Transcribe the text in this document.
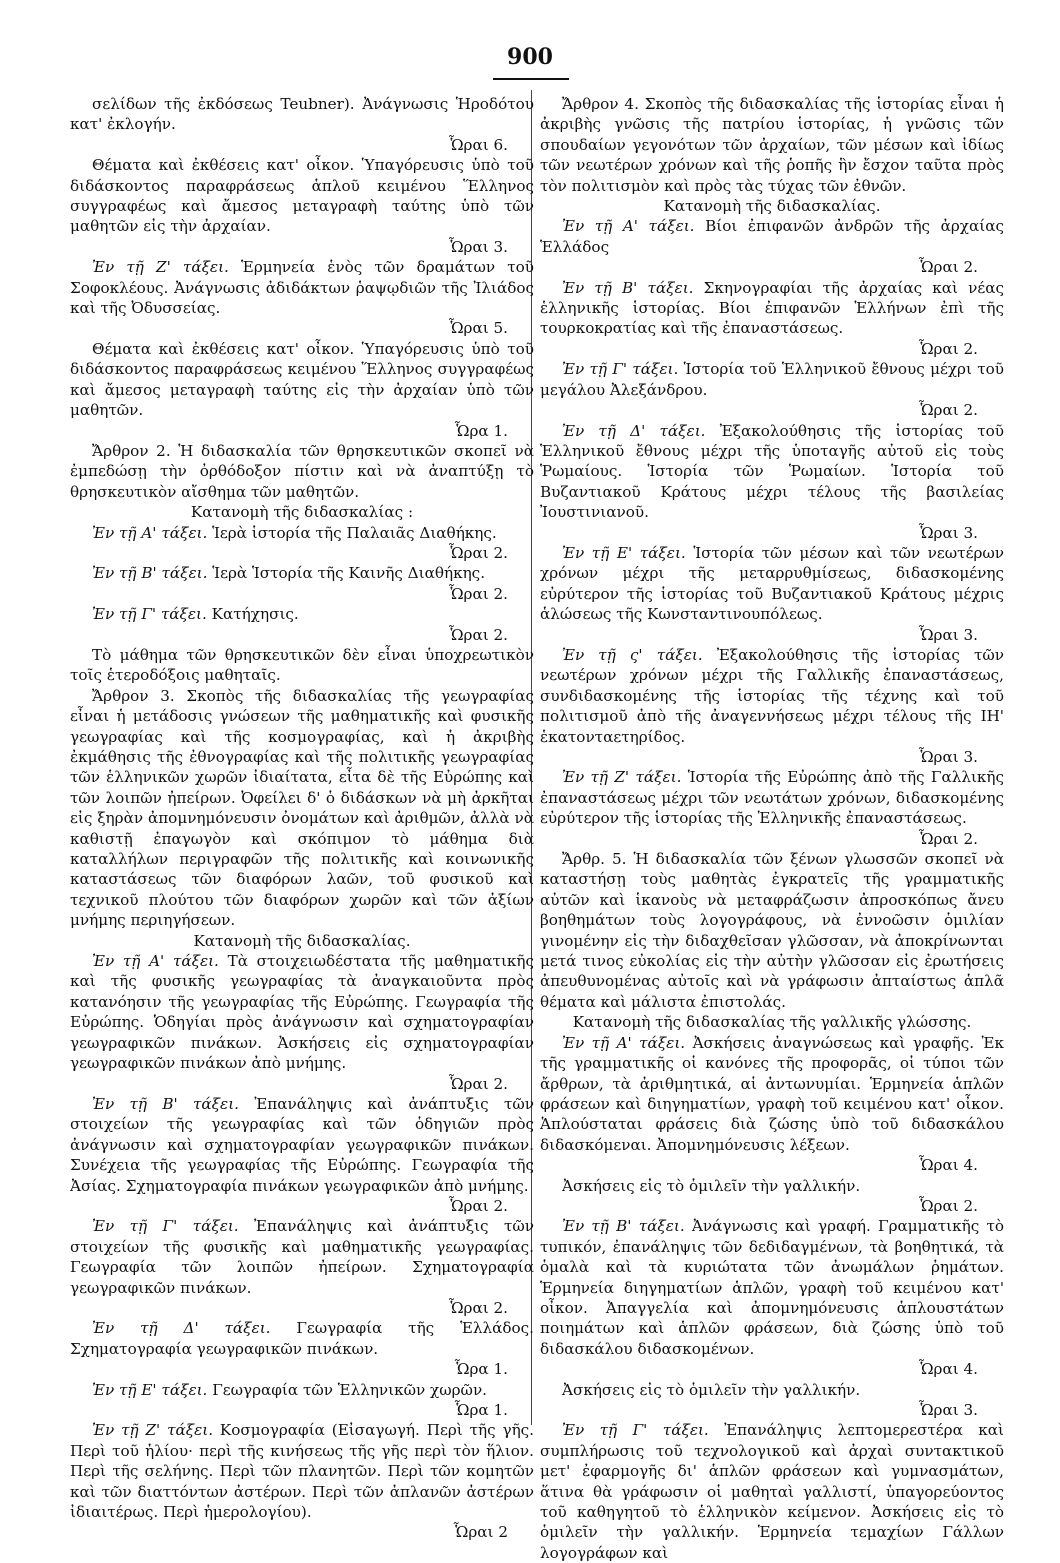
900

σελίδων τῆς ἐκδόσεως Teubner). Ἀνάγνωσις Ἡροδότου κατ' ἐκλογήν.
Ὧραι 6.

Θέματα καὶ ἐκθέσεις κατ' οἶκον. Ὑπαγόρευσις ὑπὸ τοῦ διδάσκοντος παραφράσεως ἁπλοῦ κειμένου Ἕλληνος συγγραφέως καὶ ἄμεσος μεταγραφὴ ταύτης ὑπὸ τῶν μαθητῶν εἰς τὴν ἀρχαίαν.
Ὧραι 3.

Ἐν τῇ Ζ' τάξει. Ἑρμηνεία ἑνὸς τῶν δραμάτων τοῦ Σοφοκλέους. Ἀνάγνωσις ἀδιδάκτων ῥαψῳδιῶν τῆς Ἰλιάδος καὶ τῆς Ὀδυσσείας.
Ὧραι 5.

Θέματα καὶ ἐκθέσεις κατ' οἶκον. Ὑπαγόρευσις ὑπὸ τοῦ διδάσκοντος παραφράσεως κειμένου Ἕλληνος συγγραφέως καὶ ἄμεσος μεταγραφὴ ταύτης εἰς τὴν ἀρχαίαν ὑπὸ τῶν μαθητῶν.
Ὧρα 1.

Ἄρθρον 2. Ἡ διδασκαλία τῶν θρησκευτικῶν σκοπεῖ νὰ ἐμπεδώσῃ τὴν ὀρθόδοξον πίστιν καὶ νὰ ἀναπτύξῃ τὸ θρησκευτικὸν αἴσθημα τῶν μαθητῶν.

Κατανομὴ τῆς διδασκαλίας :

Ἐν τῇ Α' τάξει. Ἱερὰ ἱστορία τῆς Παλαιᾶς Διαθήκης.
Ὧραι 2.

Ἐν τῇ Β' τάξει. Ἱερὰ Ἱστορία τῆς Καινῆς Διαθήκης.
Ὧραι 2.

Ἐν τῇ Γ' τάξει. Κατήχησις.
Ὧραι 2.

Τὸ μάθημα τῶν θρησκευτικῶν δὲν εἶναι ὑποχρεωτικὸν τοῖς ἑτεροδόξοις μαθηταῖς.

Ἄρθρον 3. Σκοπὸς τῆς διδασκαλίας τῆς γεωγραφίας εἶναι ἡ μετάδοσις γνώσεων τῆς μαθηματικῆς καὶ φυσικῆς γεωγραφίας καὶ τῆς κοσμογραφίας, καὶ ἡ ἀκριβὴς ἐκμάθησις τῆς ἐθνογραφίας καὶ τῆς πολιτικῆς γεωγραφίας τῶν ἑλληνικῶν χωρῶν ἰδιαίτατα, εἶτα δὲ τῆς Εὐρώπης καὶ τῶν λοιπῶν ἠπείρων. Ὀφείλει δ' ὁ διδάσκων νὰ μὴ ἀρκῆται εἰς ξηρὰν ἀπομνημόνευσιν ὀνομάτων καὶ ἀριθμῶν, ἀλλὰ νὰ καθιστῇ ἐπαγωγὸν καὶ σκόπιμον τὸ μάθημα διὰ καταλλήλων περιγραφῶν τῆς πολιτικῆς καὶ κοινωνικῆς καταστάσεως τῶν διαφόρων λαῶν, τοῦ φυσικοῦ καὶ τεχνικοῦ πλούτου τῶν διαφόρων χωρῶν καὶ τῶν ἀξίων μνήμης περιηγήσεων.

Κατανομὴ τῆς διδασκαλίας.

Ἐν τῇ Α' τάξει. Τὰ στοιχειωδέστατα τῆς μαθηματικῆς καὶ τῆς φυσικῆς γεωγραφίας τὰ ἀναγκαιοῦντα πρὸς κατανόησιν τῆς γεωγραφίας τῆς Εὐρώπης. Γεωγραφία τῆς Εὐρώπης. Ὁδηγίαι πρὸς ἀνάγνωσιν καὶ σχηματογραφίαν γεωγραφικῶν πινάκων. Ἀσκήσεις εἰς σχηματογραφίαν γεωγραφικῶν πινάκων ἀπὸ μνήμης.
Ὧραι 2.

Ἐν τῇ Β' τάξει. Ἐπανάληψις καὶ ἀνάπτυξις τῶν στοιχείων τῆς γεωγραφίας καὶ τῶν ὁδηγιῶν πρὸς ἀνάγνωσιν καὶ σχηματογραφίαν γεωγραφικῶν πινάκων. Συνέχεια τῆς γεωγραφίας τῆς Εὐρώπης. Γεωγραφία τῆς Ἀσίας. Σχηματογραφία πινάκων γεωγραφικῶν ἀπὸ μνήμης.
Ὧραι 2.

Ἐν τῇ Γ' τάξει. Ἐπανάληψις καὶ ἀνάπτυξις τῶν στοιχείων τῆς φυσικῆς καὶ μαθηματικῆς γεωγραφίας. Γεωγραφία τῶν λοιπῶν ἠπείρων. Σχηματογραφία γεωγραφικῶν πινάκων.
Ὧραι 2.

Ἐν τῇ Δ' τάξει. Γεωγραφία τῆς Ἑλλάδος. Σχηματογραφία γεωγραφικῶν πινάκων.
Ὧρα 1.

Ἐν τῇ Ε' τάξει. Γεωγραφία τῶν Ἑλληνικῶν χωρῶν.
Ὧρα 1.

Ἐν τῇ Ζ' τάξει. Κοσμογραφία (Εἰσαγωγή. Περὶ τῆς γῆς. Περὶ τοῦ ἡλίου· περὶ τῆς κινήσεως τῆς γῆς περὶ τὸν ἥλιον. Περὶ τῆς σελήνης. Περὶ τῶν πλανητῶν. Περὶ τῶν κομητῶν καὶ τῶν διαττόντων ἀστέρων. Περὶ τῶν ἀπλανῶν ἀστέρων ἰδιαιτέρως. Περὶ ἡμερολογίου).
Ὧραι 2

Ἄρθρον 4. Σκοπὸς τῆς διδασκαλίας τῆς ἱστορίας εἶναι ἡ ἀκριβὴς γνῶσις τῆς πατρίου ἱστορίας, ἡ γνῶσις τῶν σπουδαίων γεγονότων τῶν ἀρχαίων, τῶν μέσων καὶ ἰδίως τῶν νεωτέρων χρόνων καὶ τῆς ῥοπῆς ἣν ἔσχον ταῦτα πρὸς τὸν πολιτισμὸν καὶ πρὸς τὰς τύχας τῶν ἐθνῶν.

Κατανομὴ τῆς διδασκαλίας.

Ἐν τῇ Α' τάξει. Βίοι ἐπιφανῶν ἀνδρῶν τῆς ἀρχαίας Ἑλλάδος
Ὧραι 2.

Ἐν τῇ Β' τάξει. Σκηνογραφίαι τῆς ἀρχαίας καὶ νέας ἑλληνικῆς ἱστορίας. Βίοι ἐπιφανῶν Ἑλλήνων ἐπὶ τῆς τουρκοκρατίας καὶ τῆς ἐπαναστάσεως.
Ὧραι 2.

Ἐν τῇ Γ' τάξει. Ἱστορία τοῦ Ἑλληνικοῦ ἔθνους μέχρι τοῦ μεγάλου Ἀλεξάνδρου.
Ὧραι 2.

Ἐν τῇ Δ' τάξει. Ἐξακολούθησις τῆς ἱστορίας τοῦ Ἑλληνικοῦ ἔθνους μέχρι τῆς ὑποταγῆς αὐτοῦ εἰς τοὺς Ῥωμαίους. Ἱστορία τῶν Ῥωμαίων. Ἱστορία τοῦ Βυζαντιακοῦ Κράτους μέχρι τέλους τῆς βασιλείας Ἰουστινιανοῦ.
Ὧραι 3.

Ἐν τῇ Ε' τάξει. Ἱστορία τῶν μέσων καὶ τῶν νεωτέρων χρόνων μέχρι τῆς μεταρρυθμίσεως, διδασκομένης εὐρύτερον τῆς ἱστορίας τοῦ Βυζαντιακοῦ Κράτους μέχρις ἁλώσεως τῆς Κωνσταντινουπόλεως.
Ὧραι 3.

Ἐν τῇ ς' τάξει. Ἐξακολούθησις τῆς ἱστορίας τῶν νεωτέρων χρόνων μέχρι τῆς Γαλλικῆς ἐπαναστάσεως, συνδιδασκομένης τῆς ἱστορίας τῆς τέχνης καὶ τοῦ πολιτισμοῦ ἀπὸ τῆς ἀναγεννήσεως μέχρι τέλους τῆς ΙΗ' ἑκατονταετηρίδος.
Ὧραι 3.

Ἐν τῇ Ζ' τάξει. Ἱστορία τῆς Εὐρώπης ἀπὸ τῆς Γαλλικῆς ἐπαναστάσεως μέχρι τῶν νεωτάτων χρόνων, διδασκομένης εὐρύτερον τῆς ἱστορίας τῆς Ἑλληνικῆς ἐπαναστάσεως.
Ὧραι 2.

Ἄρθρ. 5. Ἡ διδασκαλία τῶν ξένων γλωσσῶν σκοπεῖ νὰ καταστήσῃ τοὺς μαθητὰς ἐγκρατεῖς τῆς γραμματικῆς αὐτῶν καὶ ἱκανοὺς νὰ μεταφράζωσιν ἀπροσκόπως ἄνευ βοηθημάτων τοὺς λογογράφους, νὰ ἐννοῶσιν ὁμιλίαν γινομένην εἰς τὴν διδαχθεῖσαν γλῶσσαν, νὰ ἀποκρίνωνται μετά τινος εὐκολίας εἰς τὴν αὐτὴν γλῶσσαν εἰς ἐρωτήσεις ἀπευθυνομένας αὐτοῖς καὶ νὰ γράφωσιν ἀπταίστως ἁπλᾶ θέματα καὶ μάλιστα ἐπιστολάς.

Κατανομὴ τῆς διδασκαλίας τῆς γαλλικῆς γλώσσης.

Ἐν τῇ Α' τάξει. Ἀσκήσεις ἀναγνώσεως καὶ γραφῆς. Ἐκ τῆς γραμματικῆς οἱ κανόνες τῆς προφορᾶς, οἱ τύποι τῶν ἄρθρων, τὰ ἀριθμητικά, αἱ ἀντωνυμίαι. Ἑρμηνεία ἁπλῶν φράσεων καὶ διηγηματίων, γραφὴ τοῦ κειμένου κατ' οἶκον. Ἁπλούσταται φράσεις διὰ ζώσης ὑπὸ τοῦ διδασκάλου διδασκόμεναι. Ἀπομνημόνευσις λέξεων.
Ὧραι 4.

Ἀσκήσεις εἰς τὸ ὁμιλεῖν τὴν γαλλικήν.
Ὧραι 2.

Ἐν τῇ Β' τάξει. Ἀνάγνωσις καὶ γραφή. Γραμματικῆς τὸ τυπικόν, ἐπανάληψις τῶν δεδιδαγμένων, τὰ βοηθητικά, τὰ ὁμαλὰ καὶ τὰ κυριώτατα τῶν ἀνωμάλων ῥημάτων. Ἑρμηνεία διηγηματίων ἁπλῶν, γραφὴ τοῦ κειμένου κατ' οἶκον. Ἀπαγγελία καὶ ἀπομνημόνευσις ἁπλουστάτων ποιημάτων καὶ ἁπλῶν φράσεων, διὰ ζώσης ὑπὸ τοῦ διδασκάλου διδασκομένων.
Ὧραι 4.

Ἀσκήσεις εἰς τὸ ὁμιλεῖν τὴν γαλλικήν.
Ὧραι 3.

Ἐν τῇ Γ' τάξει. Ἐπανάληψις λεπτομερεστέρα καὶ συμπλήρωσις τοῦ τεχνολογικοῦ καὶ ἀρχαὶ συντακτικοῦ μετ' ἐφαρμογῆς δι' ἁπλῶν φράσεων καὶ γυμνασμάτων, ἅτινα θὰ γράφωσιν οἱ μαθηταὶ γαλλιστί, ὑπαγορεύοντος τοῦ καθηγητοῦ τὸ ἑλληνικὸν κείμενον. Ἀσκήσεις εἰς τὸ ὁμιλεῖν τὴν γαλλικήν. Ἑρμηνεία τεμαχίων Γάλλων λογογράφων καὶ
